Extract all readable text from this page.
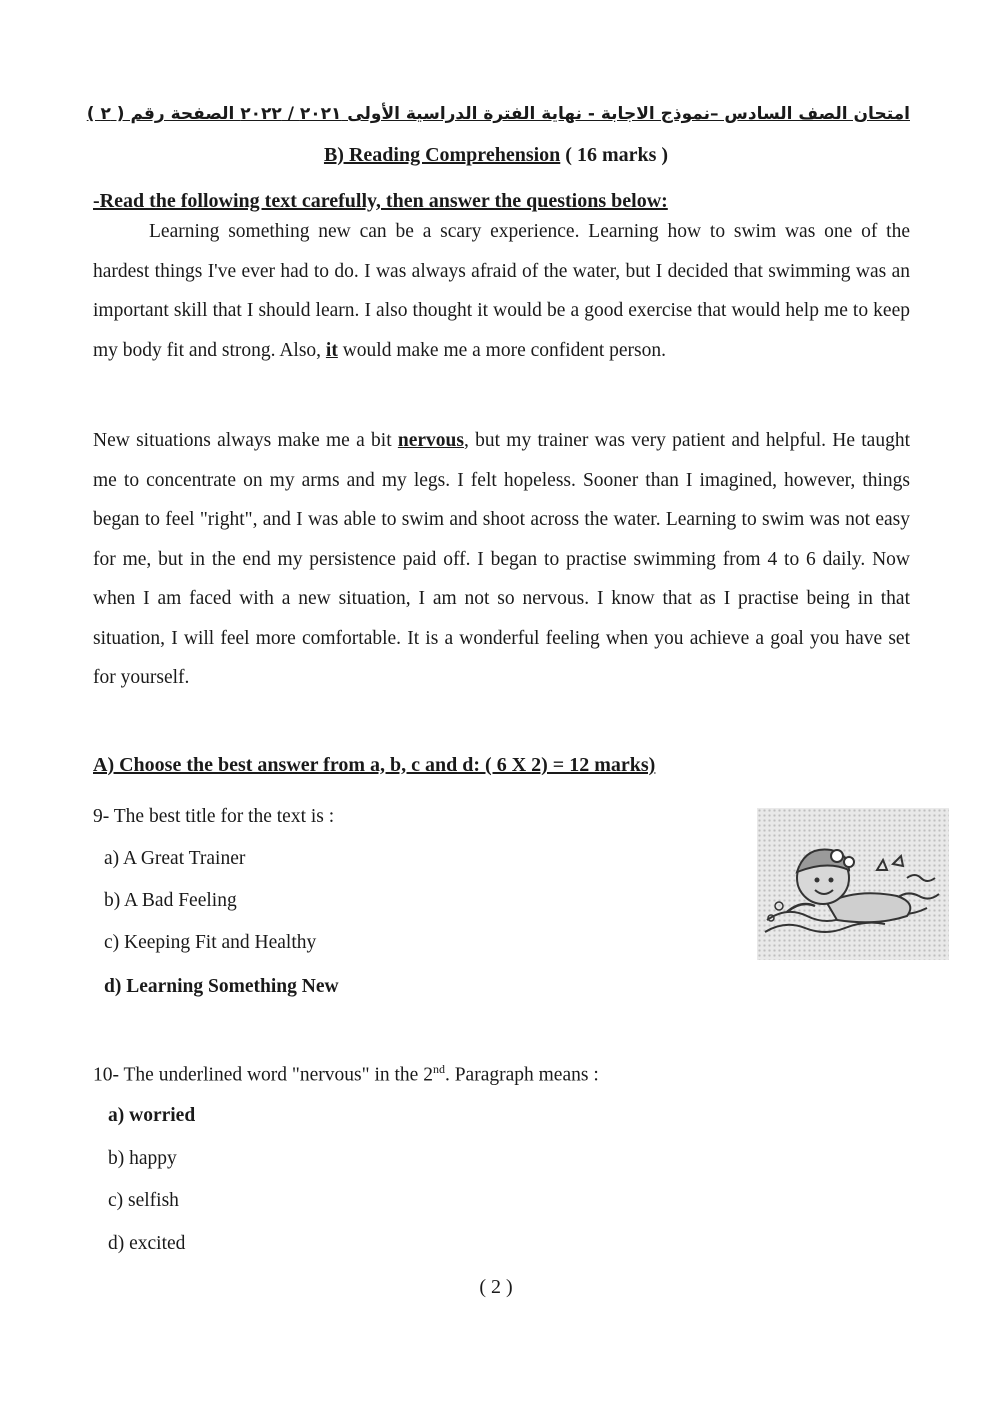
امتحان الصف السادس –نموذج الاجابة - نهاية الفترة الدراسية الأولى ٢٠٢١ / ٢٠٢٢ الصفحة رقم ( ٢ )
B) Reading Comprehension ( 16 marks )
-Read the following text carefully, then answer the questions below:

Learning something new can be a scary experience. Learning how to swim was one of the hardest things I've ever had to do. I was always afraid of the water, but I decided that swimming was an important skill that I should learn. I also thought it would be a good exercise that would help me to keep my body fit and strong. Also, it would make me a more confident person.

New situations always make me a bit nervous, but my trainer was very patient and helpful. He taught me to concentrate on my arms and my legs. I felt hopeless. Sooner than I imagined, however, things began to feel "right", and I was able to swim and shoot across the water. Learning to swim was not easy for me, but in the end my persistence paid off. I began to practise swimming from 4 to 6 daily. Now when I am faced with a new situation, I am not so nervous. I know that as I practise being in that situation, I will feel more comfortable. It is a wonderful feeling when you achieve a goal you have set for yourself.

A) Choose the best answer from a, b, c and d: ( 6 X 2) = 12 marks)
9- The best title for the text is :
a) A Great Trainer
b) A Bad Feeling
c) Keeping Fit and Healthy
d) Learning Something New
10- The underlined word "nervous" in the 2nd. Paragraph means :
a) worried
b) happy
c) selfish
d) excited
( 2 )
